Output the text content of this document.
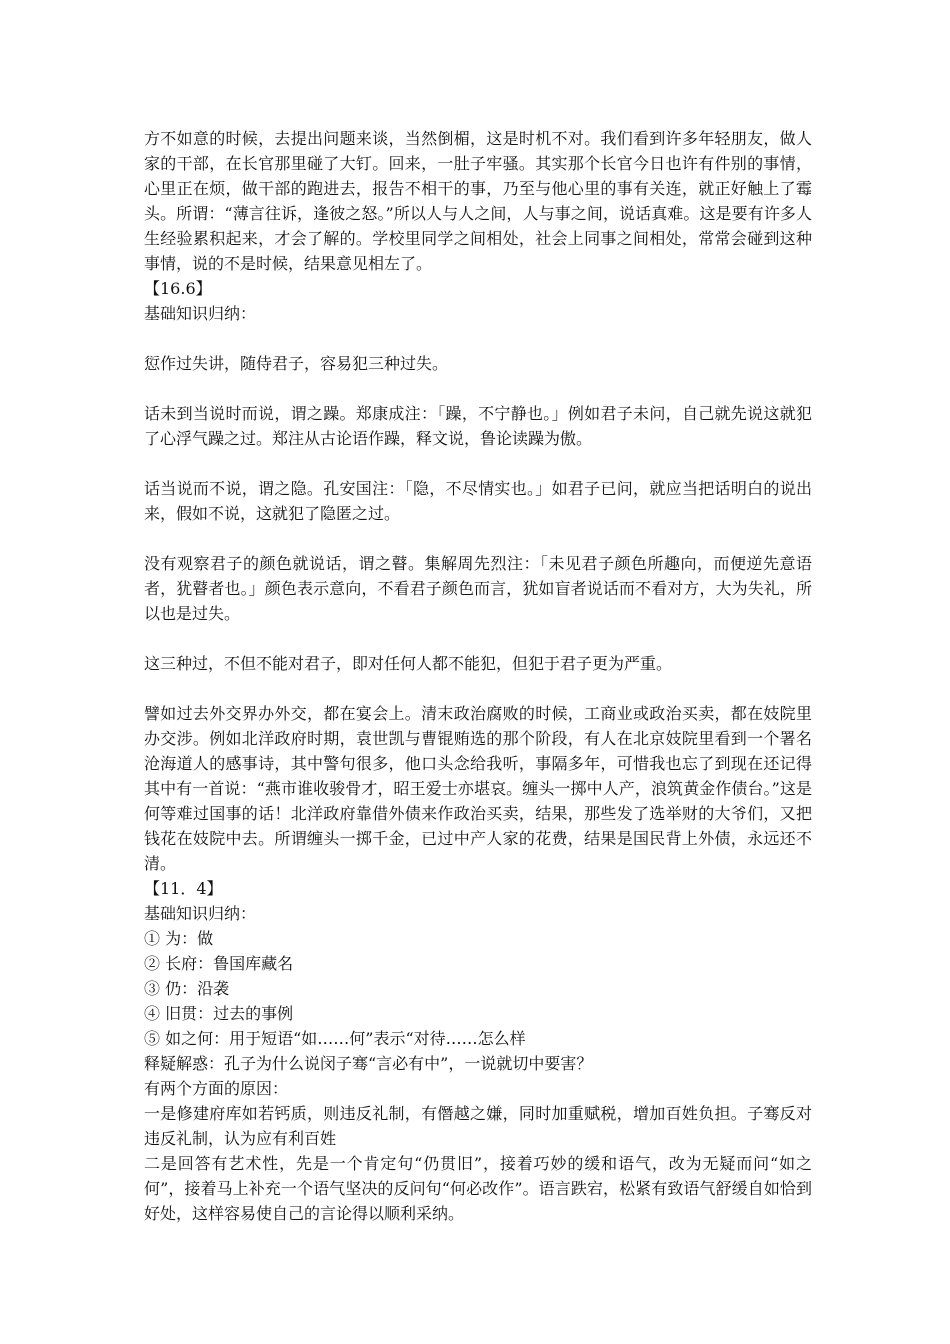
方不如意的时候，去提出问题来谈，当然倒楣，这是时机不对。我们看到许多年轻朋友，做人家的干部，在长官那里碰了大钉。回来，一肚子牢骚。其实那个长官今日也许有件别的事情，心里正在烦，做干部的跑进去，报告不相干的事，乃至与他心里的事有关连，就正好触上了霉头。所谓：“薄言往诉，逢彼之怒。”所以人与人之间，人与事之间，说话真难。这是要有许多人生经验累积起来，才会了解的。学校里同学之间相处，社会上同事之间相处，常常会碰到这种事情，说的不是时候，结果意见相左了。

【16.6】

基础知识归纳：

愆作过失讲，随侍君子，容易犯三种过失。

话未到当说时而说，谓之躁。郑康成注：「躁，不宁静也。」例如君子未问，自己就先说这就犯了心浮气躁之过。郑注从古论语作躁，释文说，鲁论读躁为傲。

话当说而不说，谓之隐。孔安国注：「隐，不尽情实也。」如君子已问，就应当把话明白的说出来，假如不说，这就犯了隐匿之过。

没有观察君子的颜色就说话，谓之瞽。集解周先烈注：「未见君子颜色所趣向，而便逆先意语者，犹瞽者也。」颜色表示意向，不看君子颜色而言，犹如盲者说话而不看对方，大为失礼，所以也是过失。

这三种过，不但不能对君子，即对任何人都不能犯，但犯于君子更为严重。

譬如过去外交界办外交，都在宴会上。清末政治腐败的时候，工商业或政治买卖，都在妓院里办交涉。例如北洋政府时期，袁世凯与曹锟贿选的那个阶段，有人在北京妓院里看到一个署名沧海道人的感事诗，其中警句很多，他口头念给我听，事隔多年，可惜我也忘了到现在还记得其中有一首说：“燕市谁收骏骨才，昭王爱士亦堪哀。缠头一掷中人产，浪筑黄金作债台。”这是何等难过国事的话！北洋政府靠借外债来作政治买卖，结果，那些发了选举财的大爷们，又把钱花在妓院中去。所谓缠头一掷千金，已过中产人家的花费，结果是国民背上外债，永远还不清。

【11．4】

基础知识归纳：

① 为：做

② 长府：鲁国库藏名

③ 仍：沿袭

④ 旧贯：过去的事例

⑤ 如之何：用于短语“如……何”表示“对待……怎么样

释疑解惑：孔子为什么说闵子骞“言必有中”，一说就切中要害？

有两个方面的原因：

一是修建府库如若钙质，则违反礼制，有僭越之嫌，同时加重赋税，增加百姓负担。子骞反对违反礼制，认为应有利百姓

二是回答有艺术性，先是一个肯定句“仍贯旧”，接着巧妙的缓和语气，改为无疑而问“如之何”，接着马上补充一个语气坚决的反问句“何必改作”。语言跌宕，松紧有致语气舒缓自如恰到好处，这样容易使自己的言论得以顺利采纳。
